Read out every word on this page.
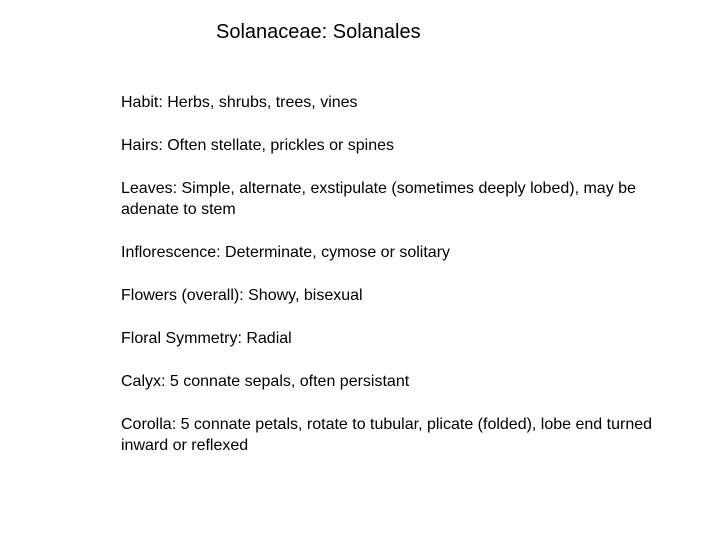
Solanaceae: Solanales
Habit: Herbs, shrubs, trees, vines
Hairs: Often stellate, prickles or spines
Leaves: Simple, alternate, exstipulate (sometimes deeply lobed), may be adenate to stem
Inflorescence: Determinate, cymose or solitary
Flowers (overall): Showy, bisexual
Floral Symmetry: Radial
Calyx: 5 connate sepals, often persistant
Corolla: 5 connate petals, rotate to tubular, plicate (folded), lobe end turned inward or reflexed
